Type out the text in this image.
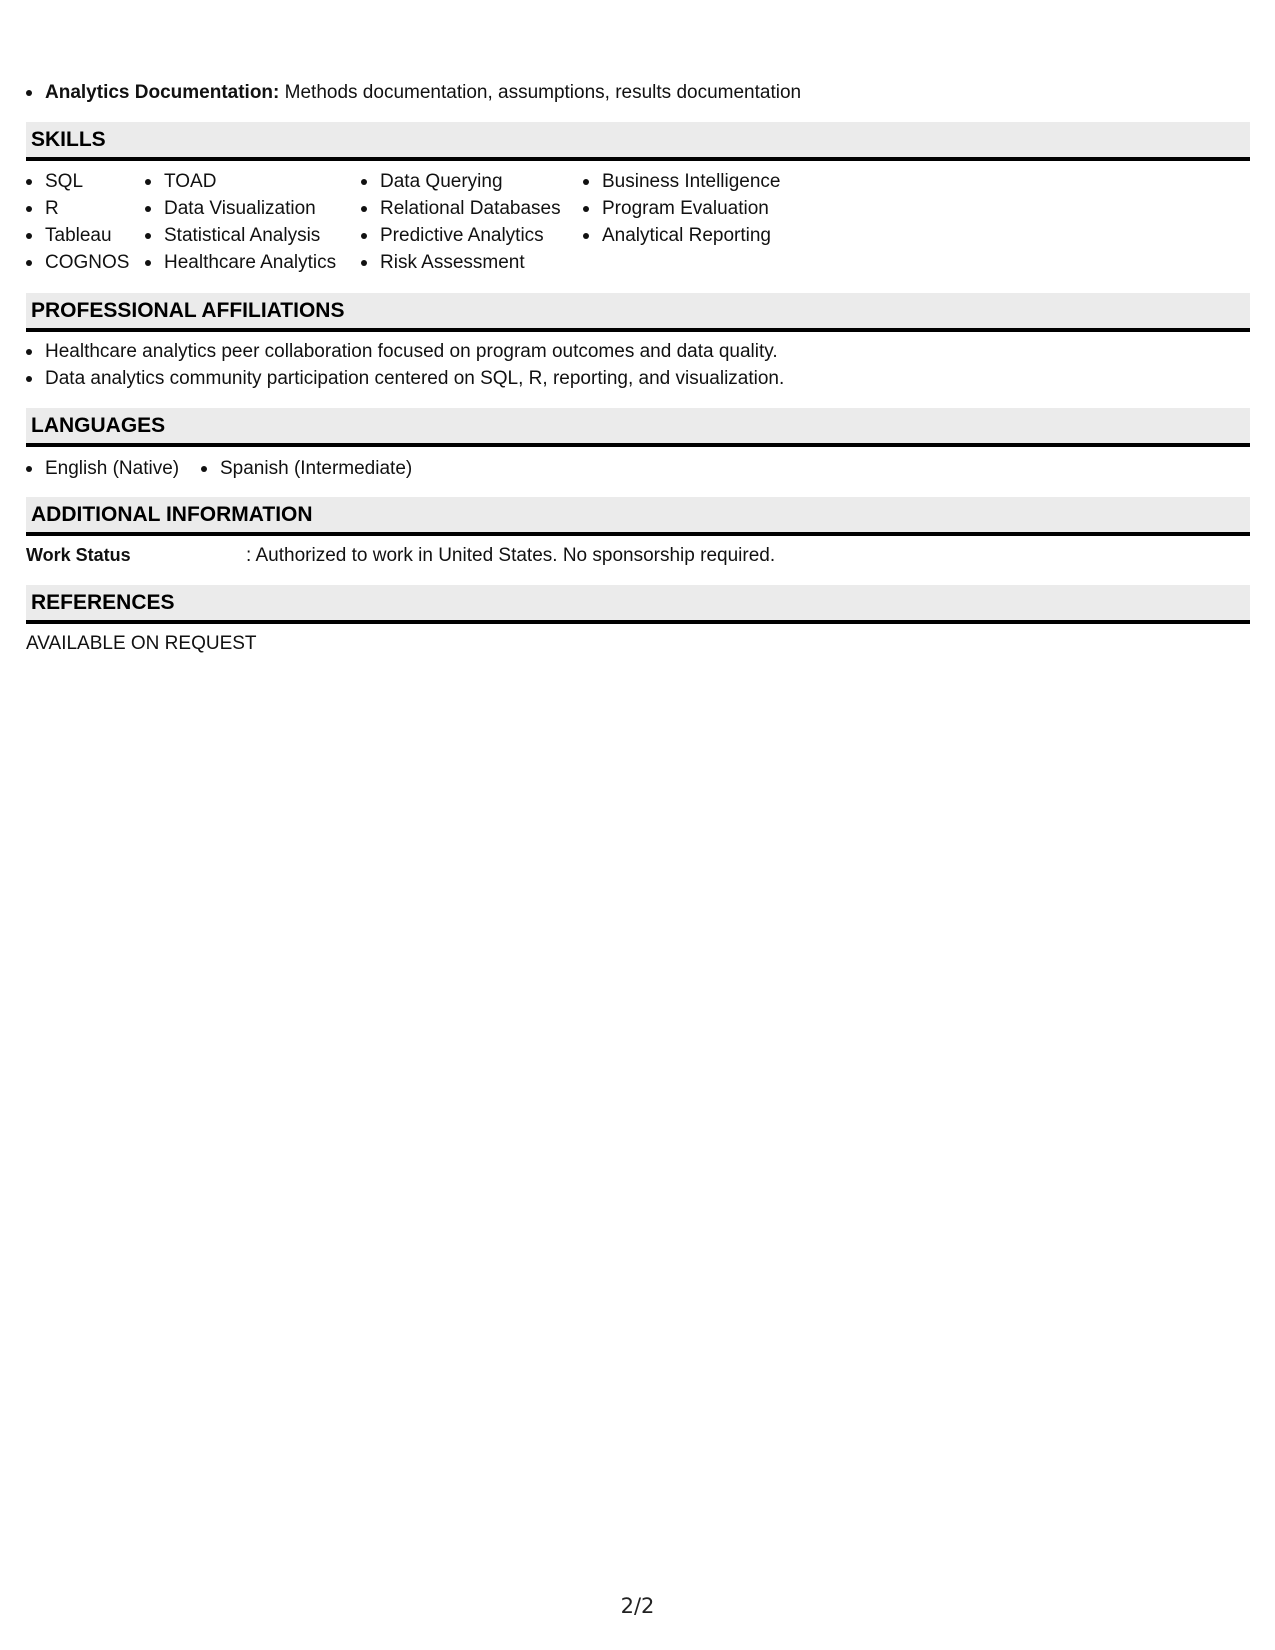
Analytics Documentation: Methods documentation, assumptions, results documentation
SKILLS
SQL
R
Tableau
COGNOS
TOAD
Data Visualization
Statistical Analysis
Healthcare Analytics
Data Querying
Relational Databases
Predictive Analytics
Risk Assessment
Business Intelligence
Program Evaluation
Analytical Reporting
PROFESSIONAL AFFILIATIONS
Healthcare analytics peer collaboration focused on program outcomes and data quality.
Data analytics community participation centered on SQL, R, reporting, and visualization.
LANGUAGES
English (Native)	Spanish (Intermediate)
ADDITIONAL INFORMATION
Work Status	: Authorized to work in United States. No sponsorship required.
REFERENCES
AVAILABLE ON REQUEST
2/2
